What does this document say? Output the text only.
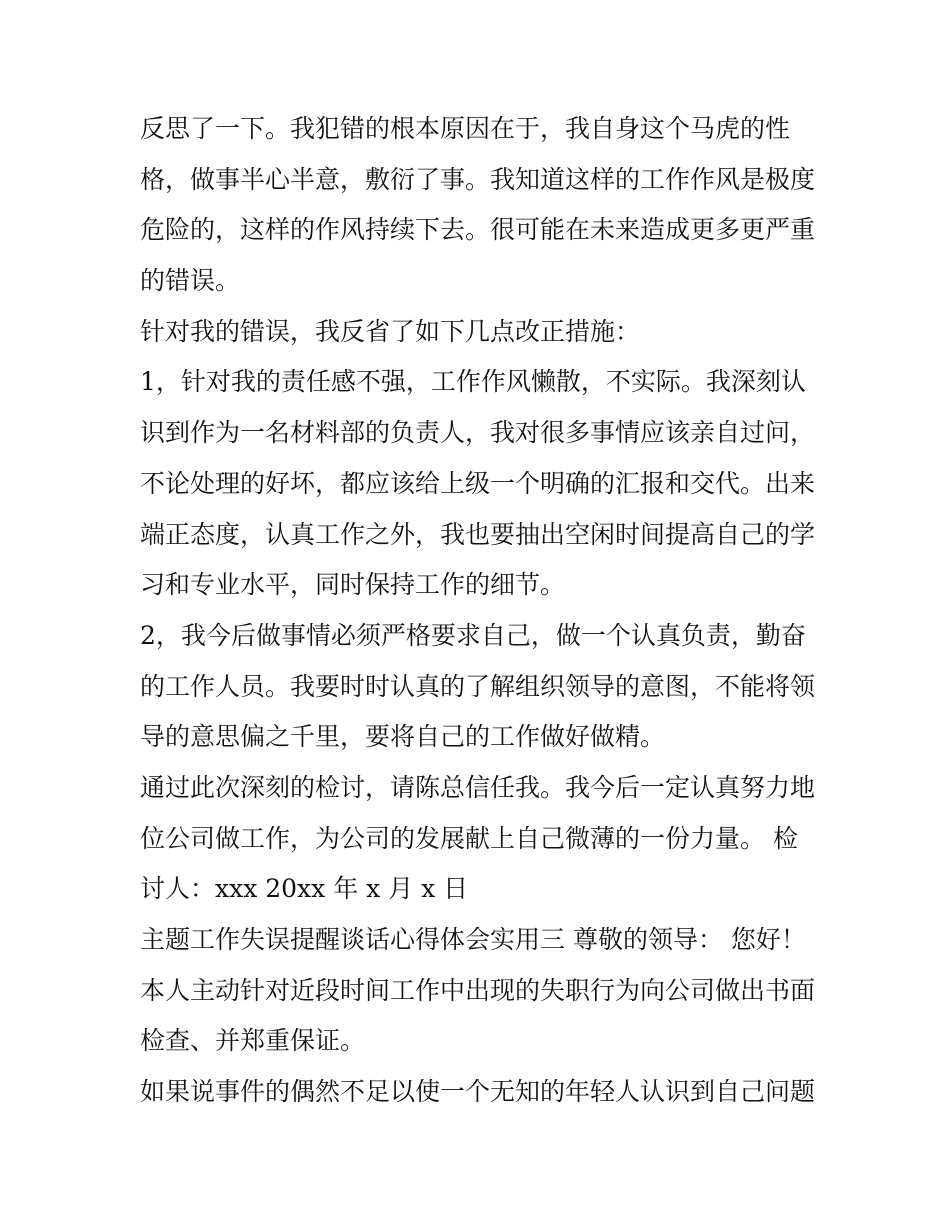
反思了一下。我犯错的根本原因在于，我自身这个马虎的性
格，做事半心半意，敷衍了事。我知道这样的工作作风是极度
危险的，这样的作风持续下去。很可能在未来造成更多更严重
的错误。
针对我的错误，我反省了如下几点改正措施：
1，针对我的责任感不强，工作作风懒散，不实际。我深刻认
识到作为一名材料部的负责人，我对很多事情应该亲自过问，
不论处理的好坏，都应该给上级一个明确的汇报和交代。出来
端正态度，认真工作之外，我也要抽出空闲时间提高自己的学
习和专业水平，同时保持工作的细节。
2，我今后做事情必须严格要求自己，做一个认真负责，勤奋
的工作人员。我要时时认真的了解组织领导的意图，不能将领
导的意思偏之千里，要将自己的工作做好做精。
通过此次深刻的检讨，请陈总信任我。我今后一定认真努力地
位公司做工作，为公司的发展献上自己微薄的一份力量。 检
讨人：xxx 20xx 年 x 月 x 日
主题工作失误提醒谈话心得体会实用三 尊敬的领导： 您好！
本人主动针对近段时间工作中出现的失职行为向公司做出书面
检查、并郑重保证。
如果说事件的偶然不足以使一个无知的年轻人认识到自己问题
